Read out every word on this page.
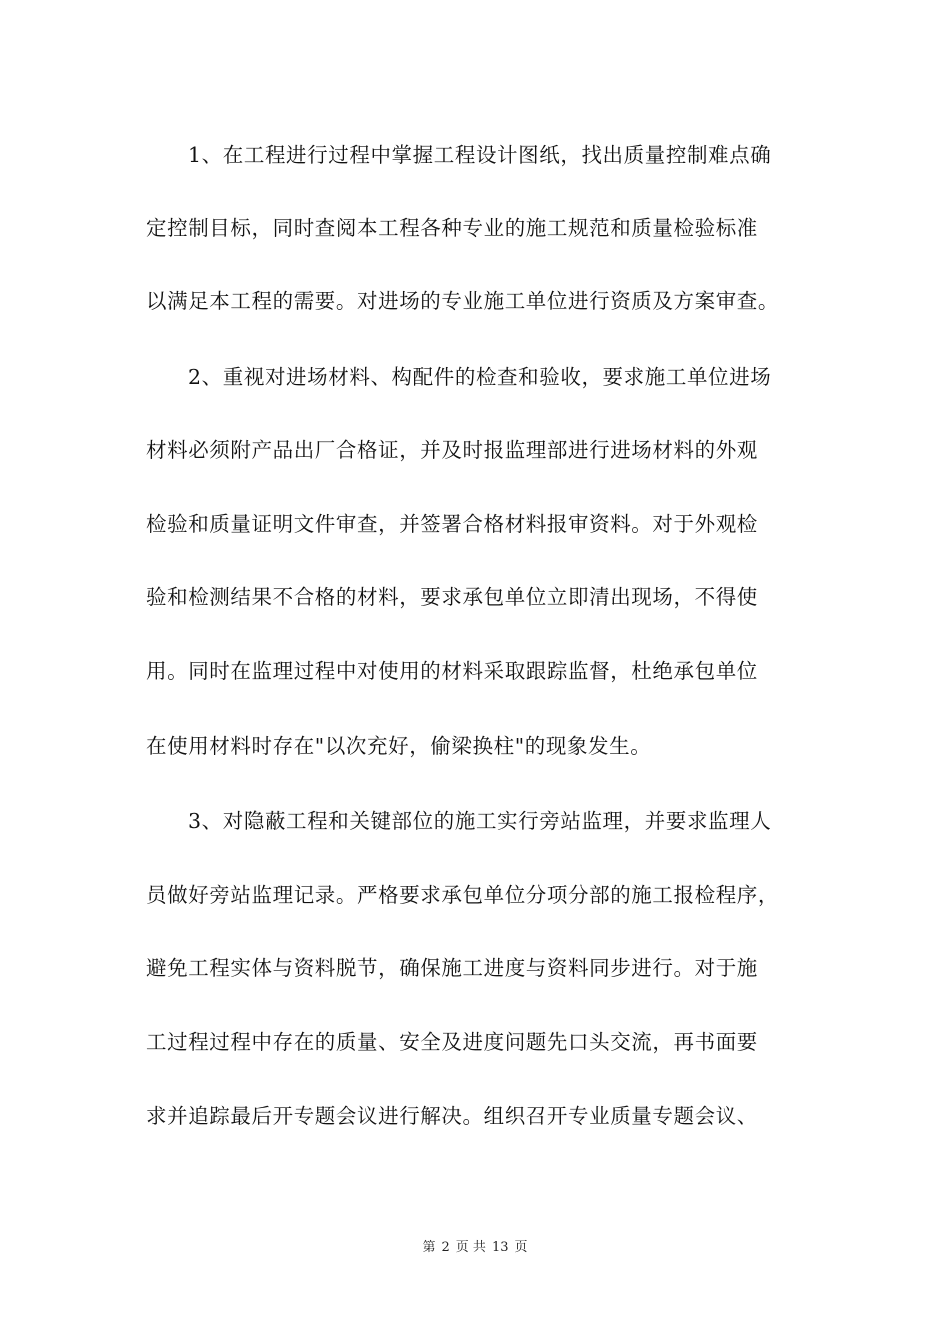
1、在工程进行过程中掌握工程设计图纸，找出质量控制难点确
定控制目标，同时查阅本工程各种专业的施工规范和质量检验标准
以满足本工程的需要。对进场的专业施工单位进行资质及方案审查。
2、重视对进场材料、构配件的检查和验收，要求施工单位进场
材料必须附产品出厂合格证，并及时报监理部进行进场材料的外观
检验和质量证明文件审查，并签署合格材料报审资料。对于外观检
验和检测结果不合格的材料，要求承包单位立即清出现场，不得使
用。同时在监理过程中对使用的材料采取跟踪监督，杜绝承包单位
在使用材料时存在"以次充好，偷梁换柱"的现象发生。
3、对隐蔽工程和关键部位的施工实行旁站监理，并要求监理人
员做好旁站监理记录。严格要求承包单位分项分部的施工报检程序，
避免工程实体与资料脱节，确保施工进度与资料同步进行。对于施
工过程过程中存在的质量、安全及进度问题先口头交流，再书面要
求并追踪最后开专题会议进行解决。组织召开专业质量专题会议、
第 2 页 共 13 页
